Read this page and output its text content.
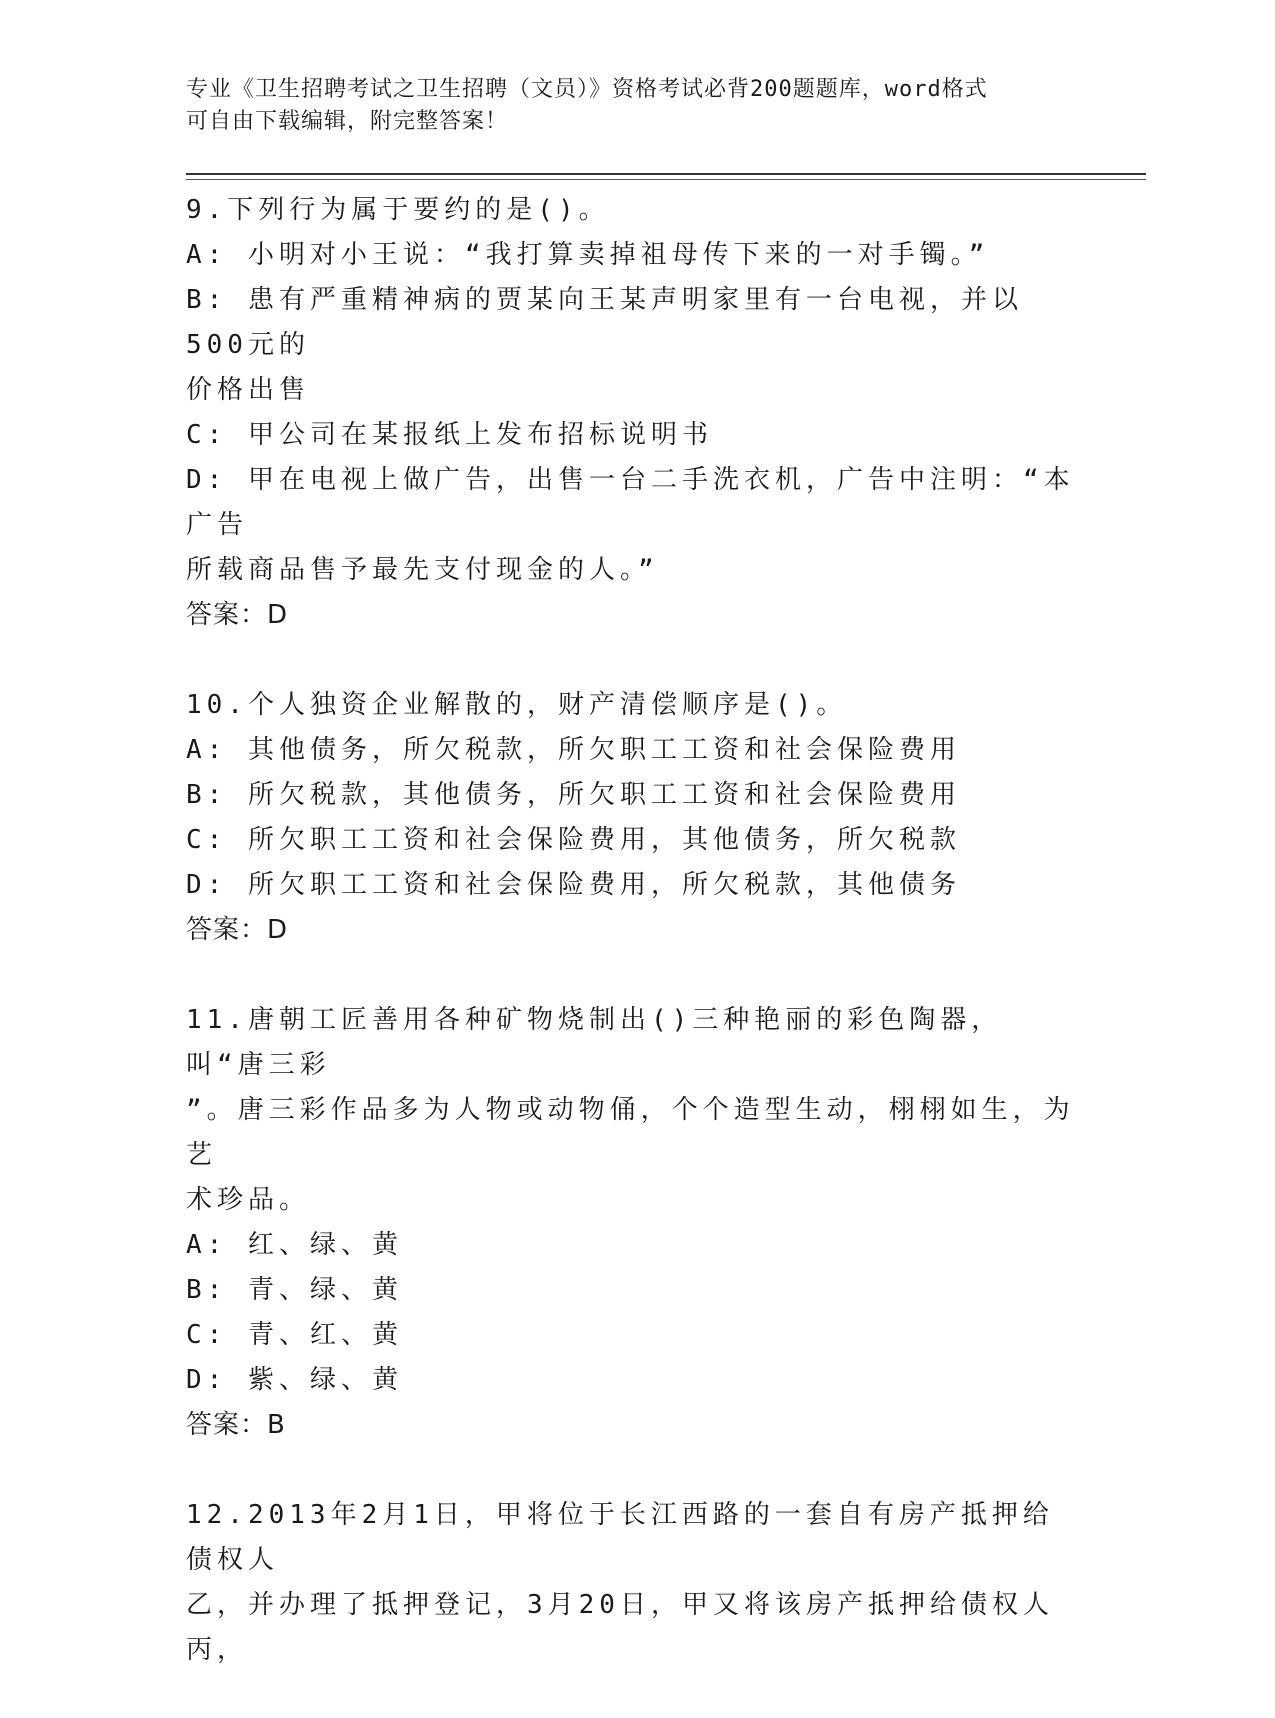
专业《卫生招聘考试之卫生招聘（文员）》资格考试必背200题题库，word格式
可自由下载编辑，附完整答案！
9.下列行为属于要约的是()。
A: 小明对小王说：“我打算卖掉祖母传下来的一对手镯。”
B: 患有严重精神病的贾某向王某声明家里有一台电视，并以500元的
价格出售
C: 甲公司在某报纸上发布招标说明书
D: 甲在电视上做广告，出售一台二手洗衣机，广告中注明：“本广告
所载商品售予最先支付现金的人。”
答案：D
10.个人独资企业解散的，财产清偿顺序是()。
A: 其他债务，所欠税款，所欠职工工资和社会保险费用
B: 所欠税款，其他债务，所欠职工工资和社会保险费用
C: 所欠职工工资和社会保险费用，其他债务，所欠税款
D: 所欠职工工资和社会保险费用，所欠税款，其他债务
答案：D
11.唐朝工匠善用各种矿物烧制出()三种艳丽的彩色陶器，叫“唐三彩
”。唐三彩作品多为人物或动物俑，个个造型生动，栩栩如生，为艺
术珍品。
A: 红、绿、黄
B: 青、绿、黄
C: 青、红、黄
D: 紫、绿、黄
答案：B
12.2013年2月1日，甲将位于长江西路的一套自有房产抵押给债权人
乙，并办理了抵押登记，3月20日，甲又将该房产抵押给债权人丙，
